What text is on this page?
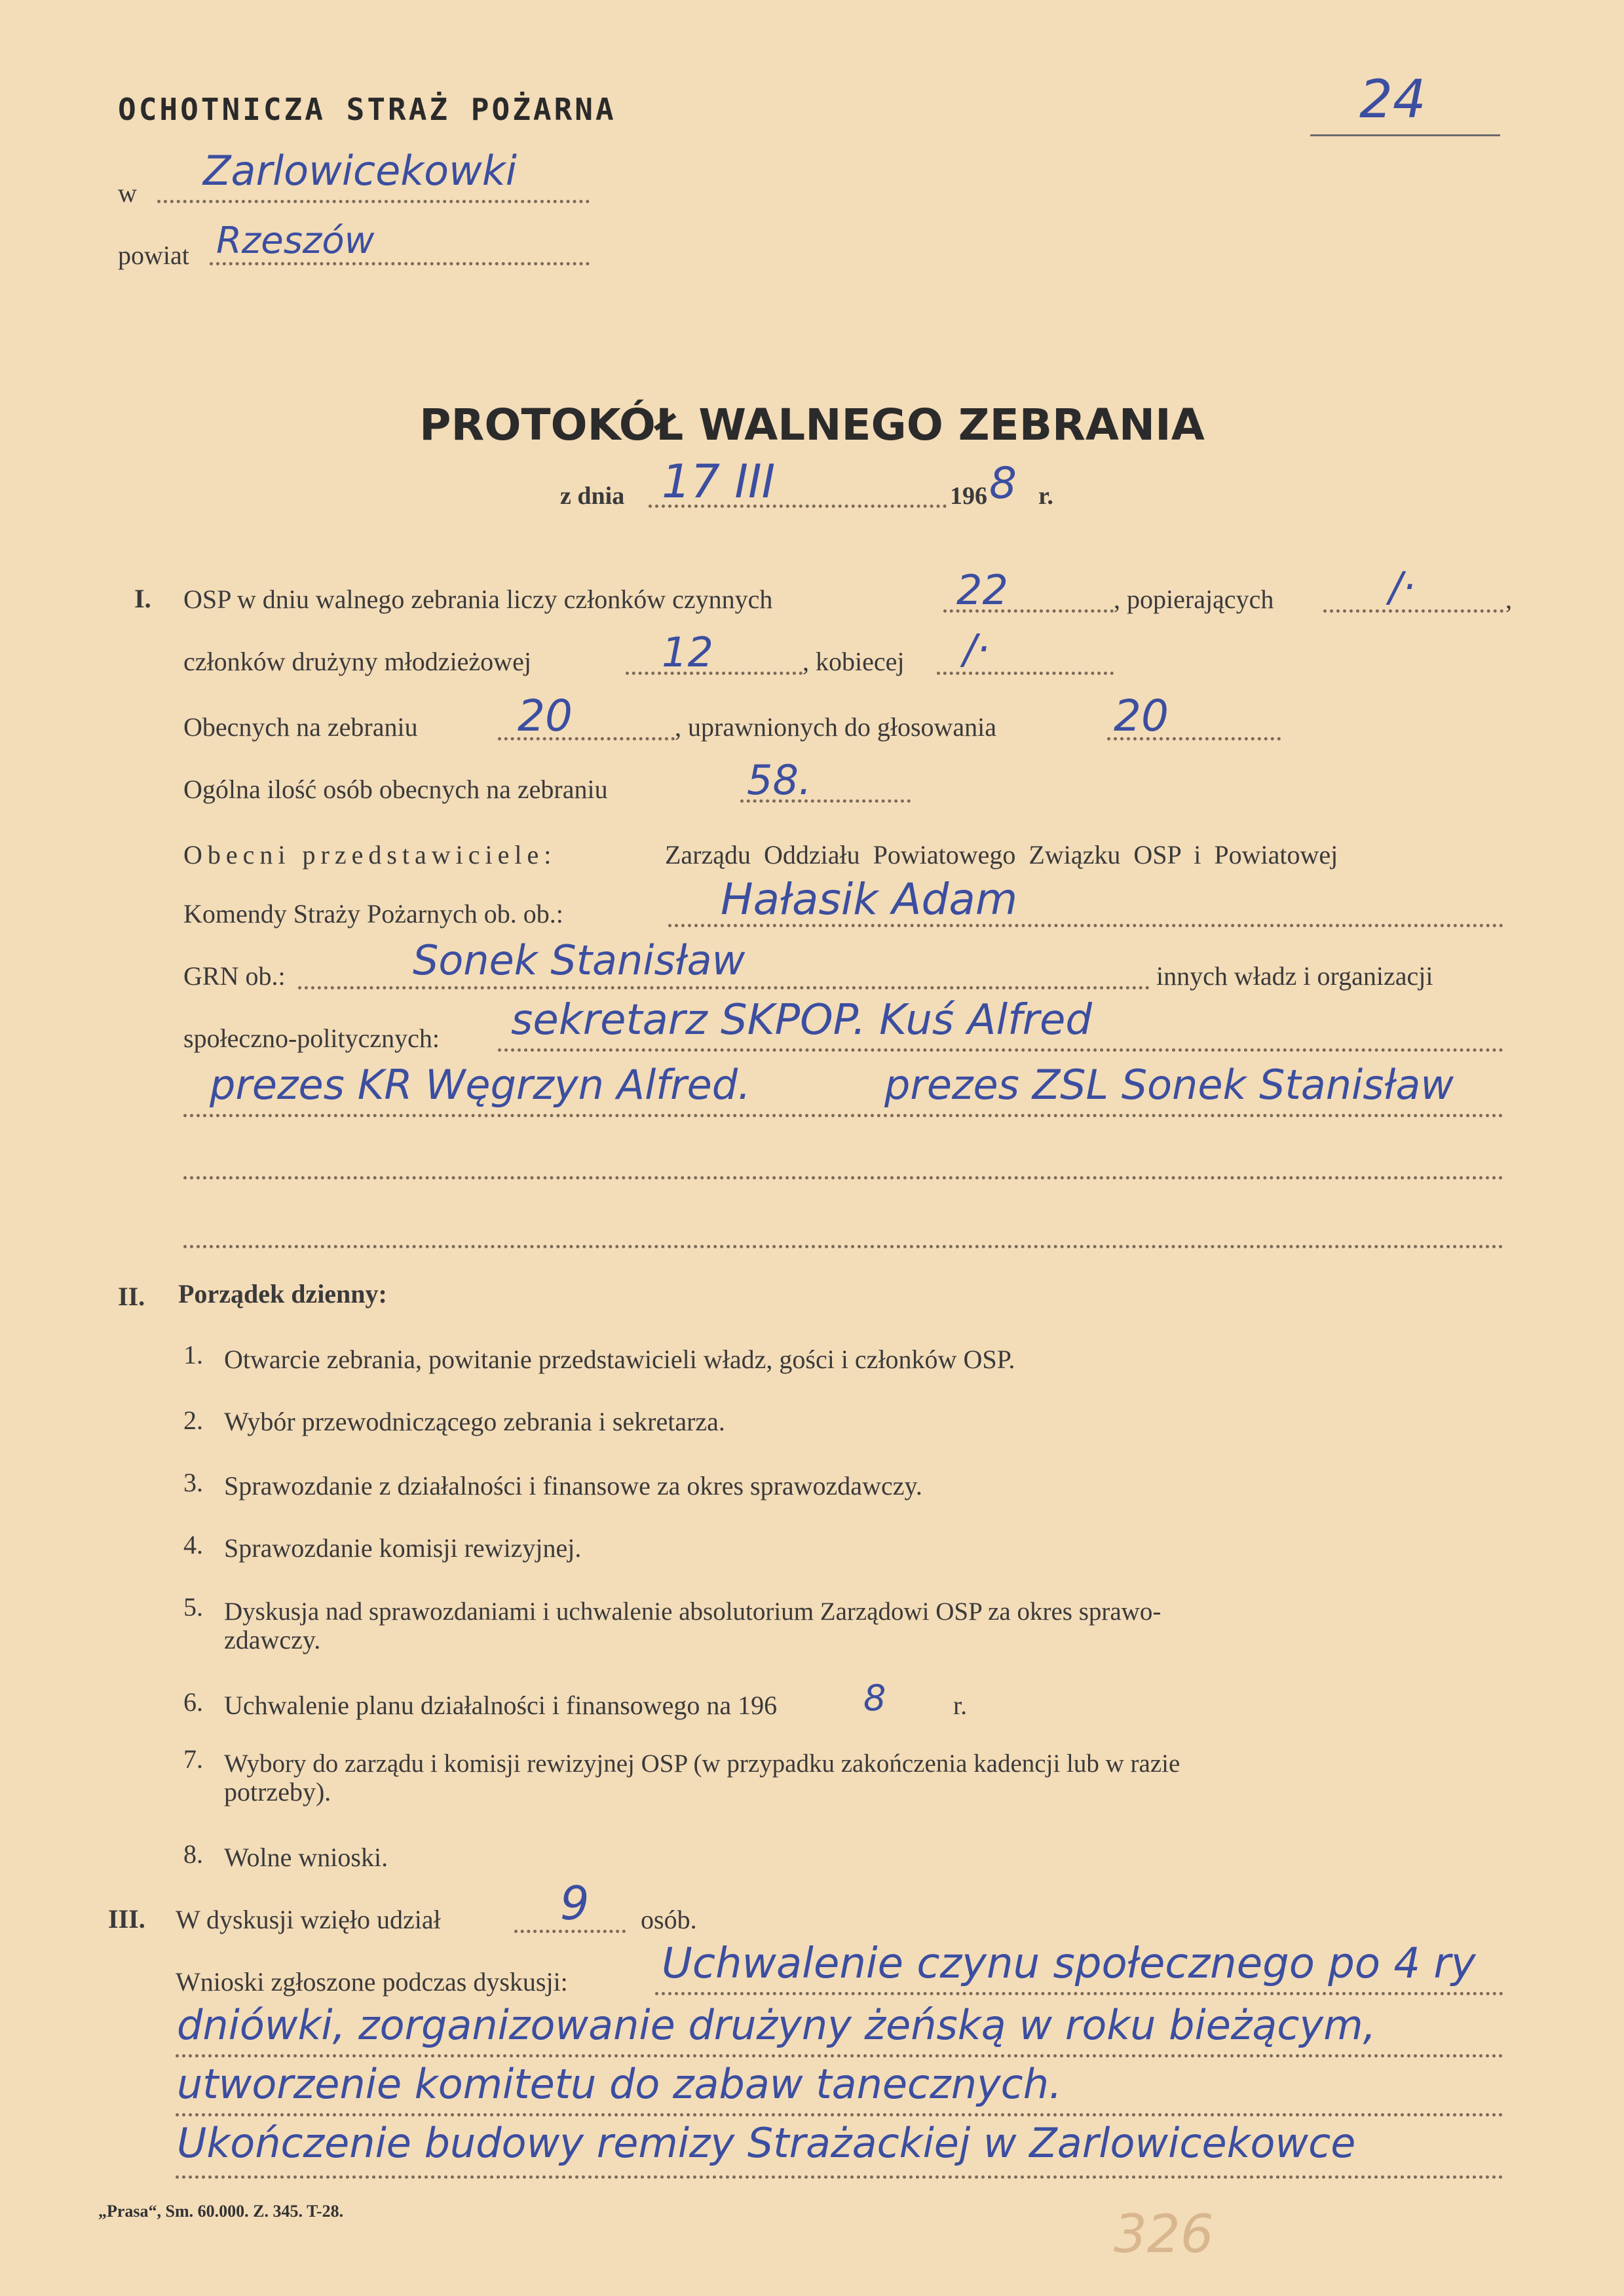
OCHOTNICZA STRAŻ POŻARNA	24
w Zarlowicekowki
powiat Rzeszów
PROTOKÓŁ WALNEGO ZEBRANIA
z dnia 17 III	196 8 r.
I. OSP w dniu walnego zebrania liczy członków czynnych	22	, popierających	/·	,
członków drużyny młodzieżowej	12	, kobiecej /·
Obecnych na zebraniu 20	, uprawnionych do głosowania	20
Ogólna ilość osób obecnych na zebraniu	58.
Obecni przedstawiciele:	Zarządu Oddziału Powiatowego Związku OSP i Powiatowej
Komendy Straży Pożarnych ob. ob.:	Hałasik Adam
GRN ob.:	Sonek Stanisław	innych władz i organizacji
społeczno-politycznych: sekretarz SKPOP. Kuś Alfred
prezes KR Węgrzyn Alfred.	prezes ZSL Sonek Stanisław
II. Porządek dzienny:
1. Otwarcie zebrania, powitanie przedstawicieli władz, gości i członków OSP.
2. Wybór przewodniczącego zebrania i sekretarza.
3. Sprawozdanie z działalności i finansowe za okres sprawozdawczy.
4. Sprawozdanie komisji rewizyjnej.
5. Dyskusja nad sprawozdaniami i uchwalenie absolutorium Zarządowi OSP za okres sprawo-
zdawczy.
6. Uchwalenie planu działalności i finansowego na 196 8	r.
7. Wybory do zarządu i komisji rewizyjnej OSP (w przypadku zakończenia kadencji lub w razie
potrzeby).
8. Wolne wnioski.
III. W dyskusji wzięło udział	9 osób.
Wnioski zgłoszone podczas dyskusji: Uchwalenie czynu społecznego po 4 ry
dniówki, zorganizowanie drużyny żeńską w roku bieżącym,
utworzenie komitetu do zabaw tanecznych.
Ukończenie budowy remizy Strażackiej w Zarlowicekowce
„Prasa“, Sm. 60.000. Z. 345. T-28.	326
